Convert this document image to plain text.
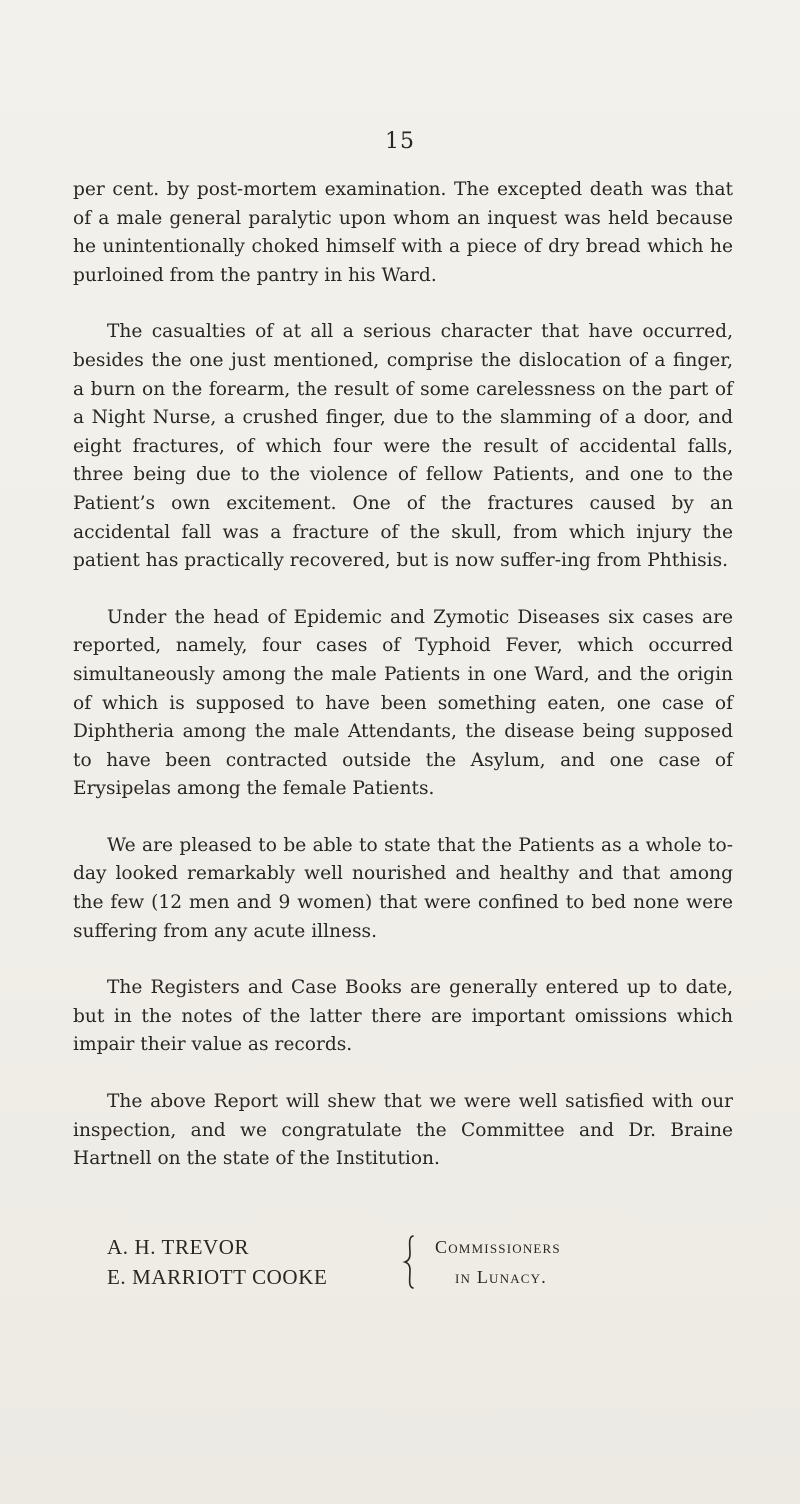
15

per cent. by post-mortem examination. The excepted death was that of a male general paralytic upon whom an inquest was held because he unintentionally choked himself with a piece of dry bread which he purloined from the pantry in his Ward.

The casualties of at all a serious character that have occurred, besides the one just mentioned, comprise the dislocation of a finger, a burn on the forearm, the result of some carelessness on the part of a Night Nurse, a crushed finger, due to the slamming of a door, and eight fractures, of which four were the result of accidental falls, three being due to the violence of fellow Patients, and one to the Patient’s own excitement. One of the fractures caused by an accidental fall was a fracture of the skull, from which injury the patient has practically recovered, but is now suffer-ing from Phthisis.

Under the head of Epidemic and Zymotic Diseases six cases are reported, namely, four cases of Typhoid Fever, which occurred simultaneously among the male Patients in one Ward, and the origin of which is supposed to have been something eaten, one case of Diphtheria among the male Attendants, the disease being supposed to have been contracted outside the Asylum, and one case of Erysipelas among the female Patients.

We are pleased to be able to state that the Patients as a whole to-day looked remarkably well nourished and healthy and that among the few (12 men and 9 women) that were confined to bed none were suffering from any acute illness.

The Registers and Case Books are generally entered up to date, but in the notes of the latter there are important omissions which impair their value as records.

The above Report will shew that we were well satisfied with our inspection, and we congratulate the Committee and Dr. Braine Hartnell on the state of the Institution.

A. H. TREVOR
E. MARRIOTT COOKE
Commissioners
in Lunacy.
